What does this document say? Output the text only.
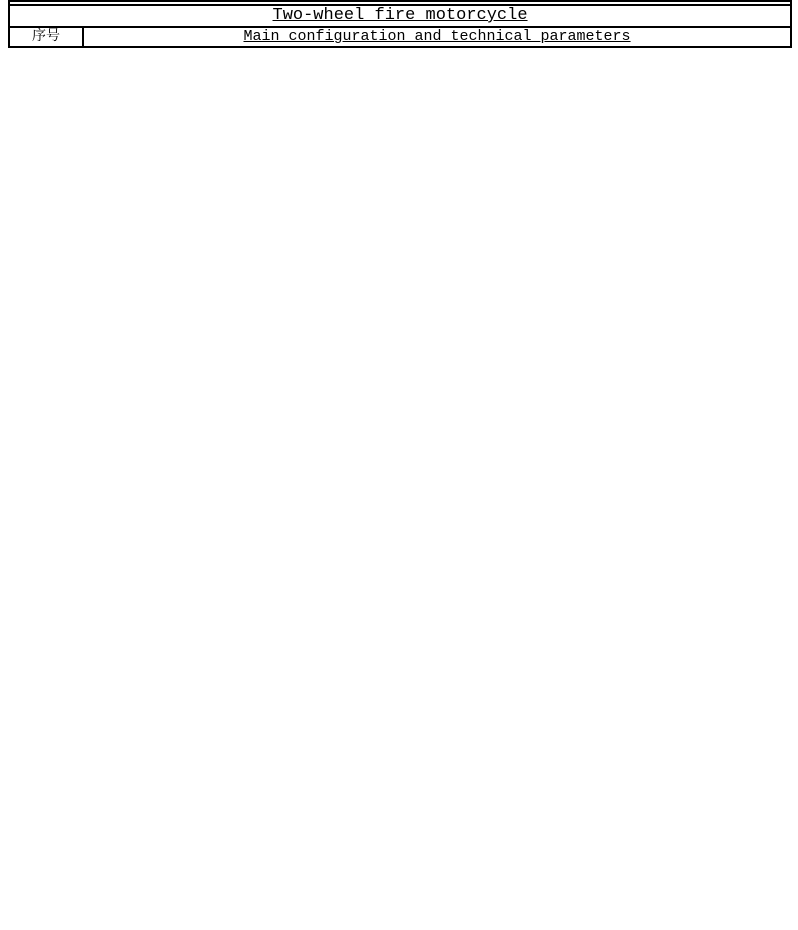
Two-wheel fire motorcycle
序号	Main configuration and technical parameters
